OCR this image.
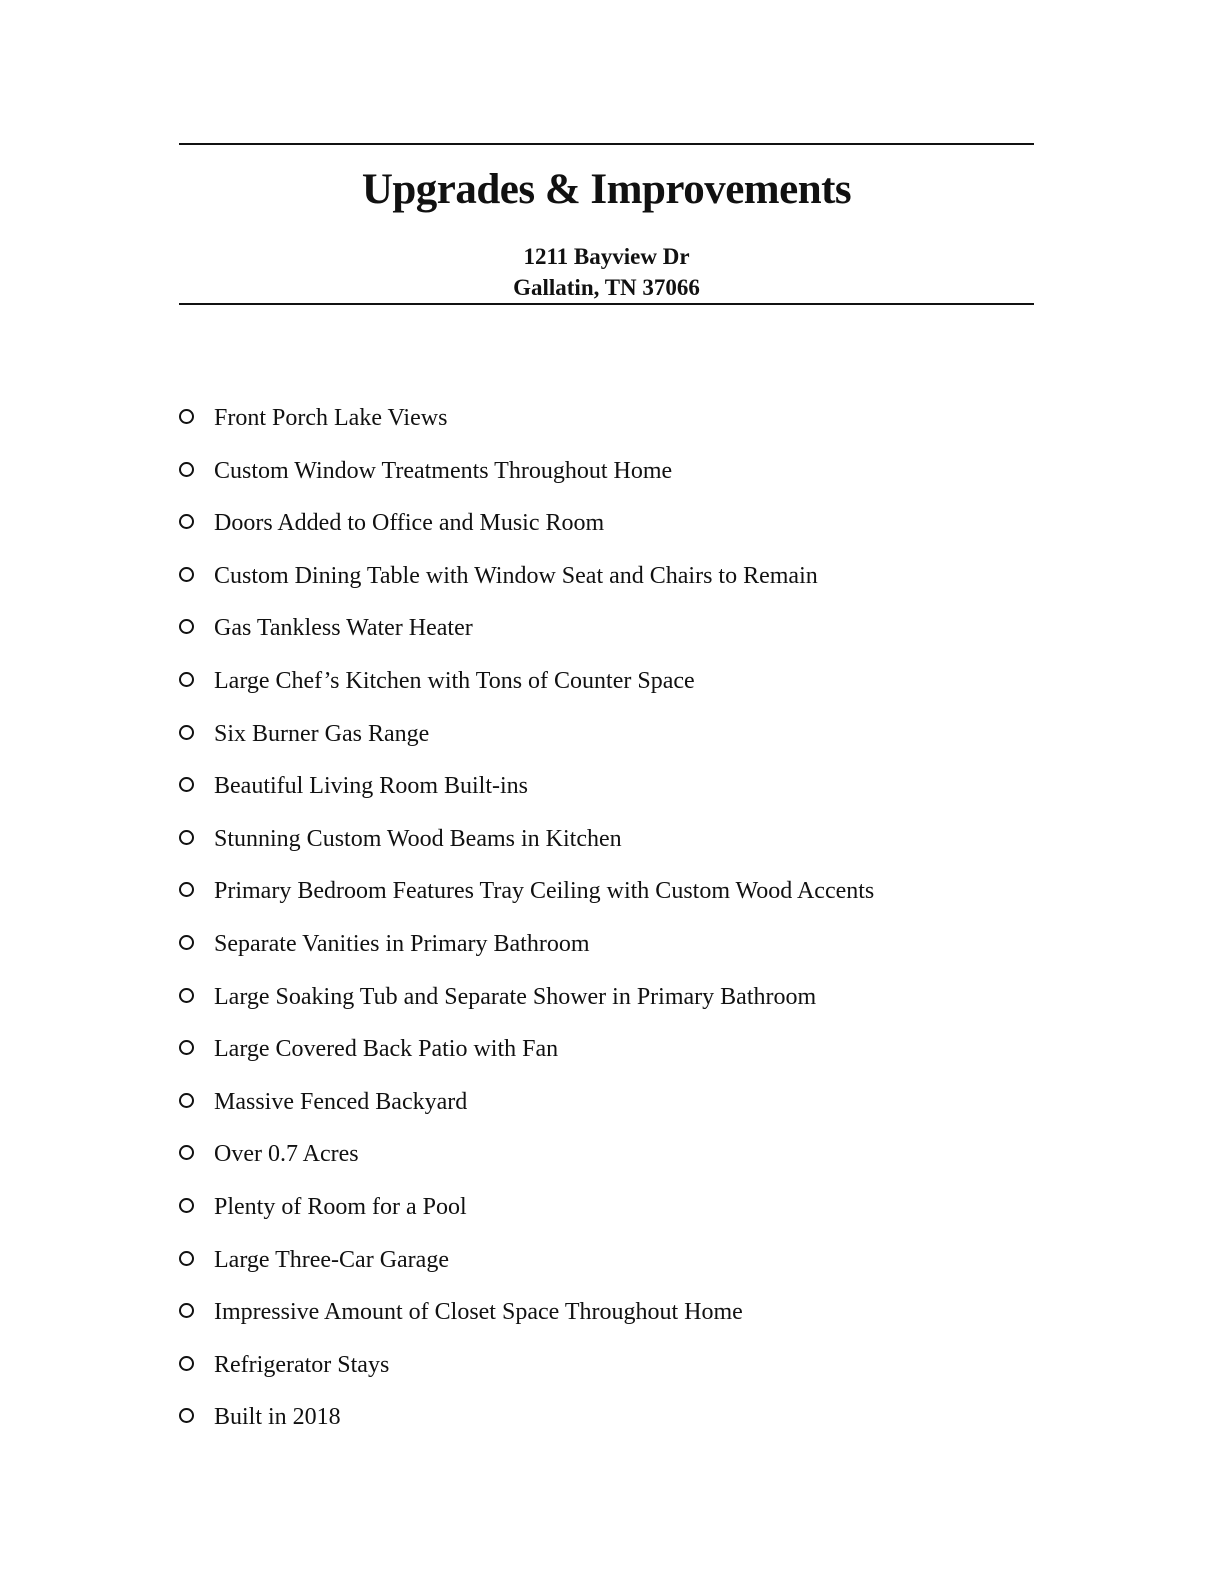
Upgrades & Improvements
1211 Bayview Dr
Gallatin, TN 37066
Front Porch Lake Views
Custom Window Treatments Throughout Home
Doors Added to Office and Music Room
Custom Dining Table with Window Seat and Chairs to Remain
Gas Tankless Water Heater
Large Chef’s Kitchen with Tons of Counter Space
Six Burner Gas Range
Beautiful Living Room Built-ins
Stunning Custom Wood Beams in Kitchen
Primary Bedroom Features Tray Ceiling with Custom Wood Accents
Separate Vanities in Primary Bathroom
Large Soaking Tub and Separate Shower in Primary Bathroom
Large Covered Back Patio with Fan
Massive Fenced Backyard
Over 0.7 Acres
Plenty of Room for a Pool
Large Three-Car Garage
Impressive Amount of Closet Space Throughout Home
Refrigerator Stays
Built in 2018
